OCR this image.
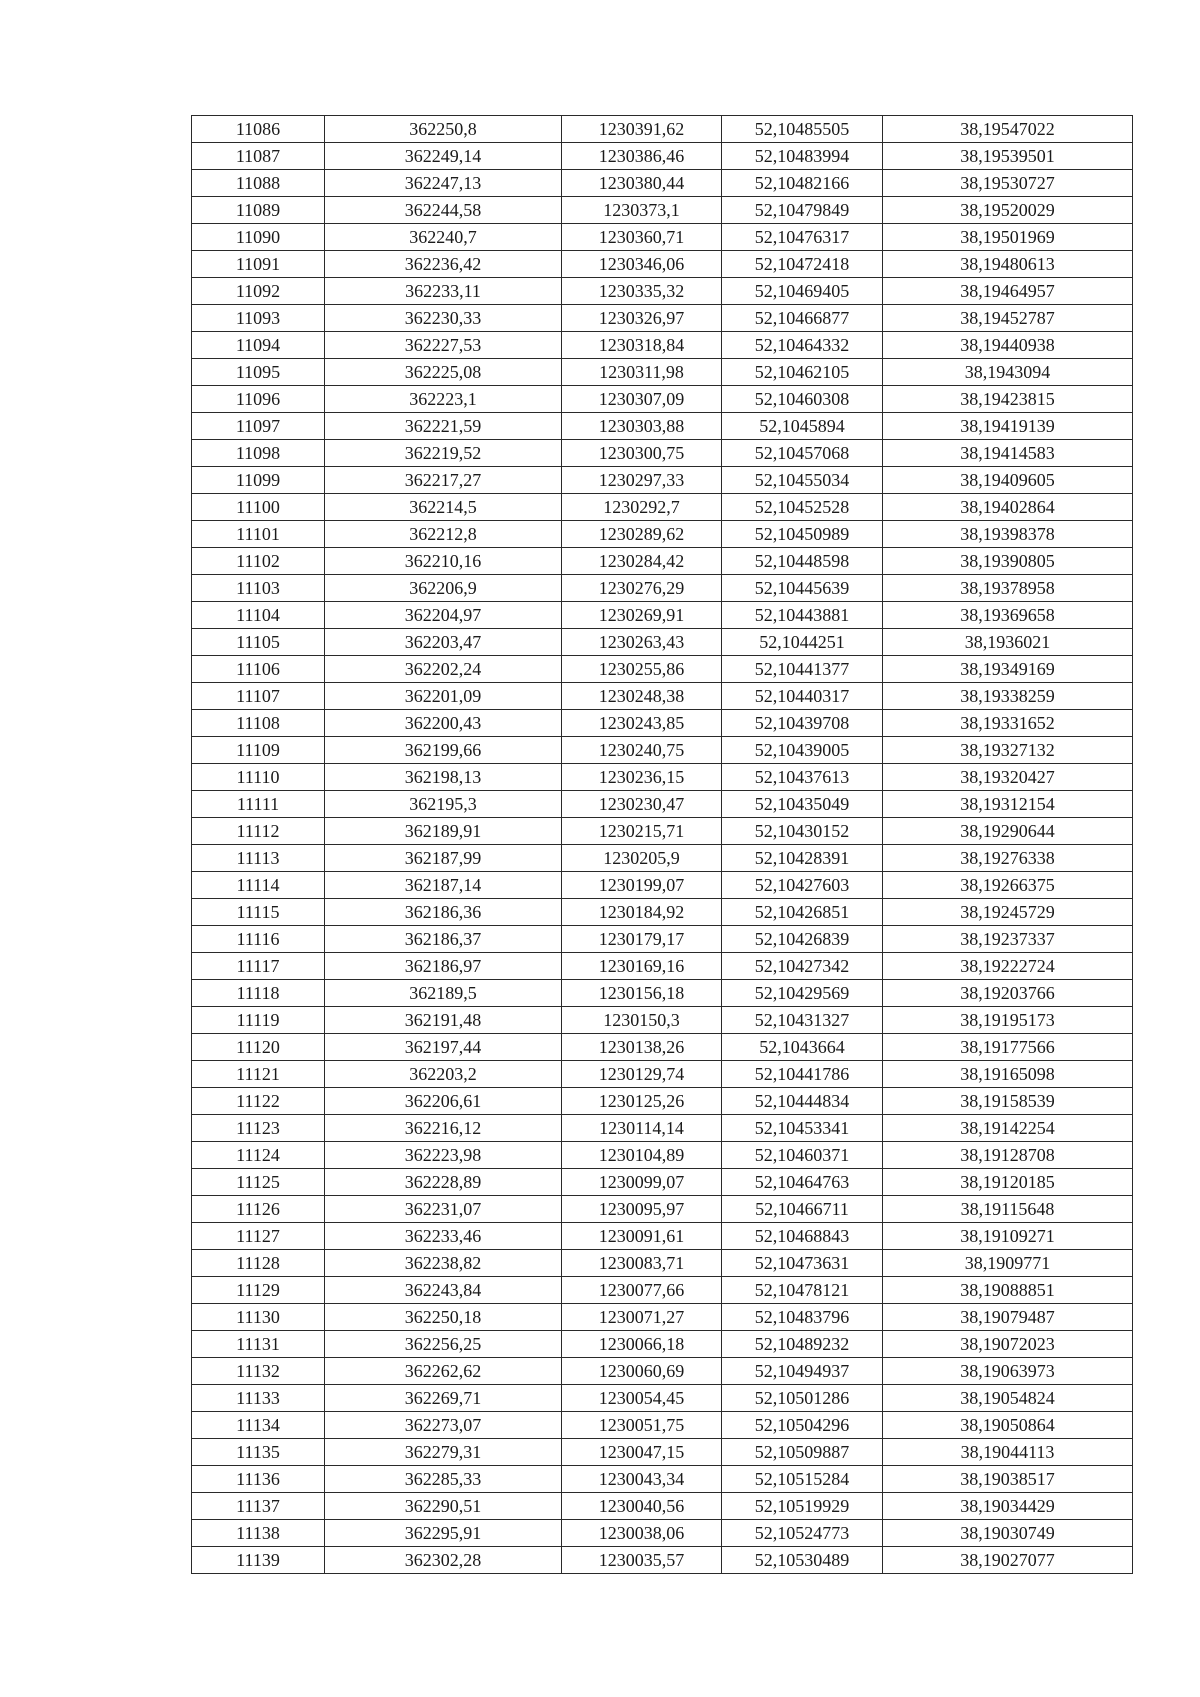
11086	362250,8	1230391,62	52,10485505	38,19547022
11087	362249,14	1230386,46	52,10483994	38,19539501
11088	362247,13	1230380,44	52,10482166	38,19530727
11089	362244,58	1230373,1	52,10479849	38,19520029
11090	362240,7	1230360,71	52,10476317	38,19501969
11091	362236,42	1230346,06	52,10472418	38,19480613
11092	362233,11	1230335,32	52,10469405	38,19464957
11093	362230,33	1230326,97	52,10466877	38,19452787
11094	362227,53	1230318,84	52,10464332	38,19440938
11095	362225,08	1230311,98	52,10462105	38,1943094
11096	362223,1	1230307,09	52,10460308	38,19423815
11097	362221,59	1230303,88	52,1045894	38,19419139
11098	362219,52	1230300,75	52,10457068	38,19414583
11099	362217,27	1230297,33	52,10455034	38,19409605
11100	362214,5	1230292,7	52,10452528	38,19402864
11101	362212,8	1230289,62	52,10450989	38,19398378
11102	362210,16	1230284,42	52,10448598	38,19390805
11103	362206,9	1230276,29	52,10445639	38,19378958
11104	362204,97	1230269,91	52,10443881	38,19369658
11105	362203,47	1230263,43	52,1044251	38,1936021
11106	362202,24	1230255,86	52,10441377	38,19349169
11107	362201,09	1230248,38	52,10440317	38,19338259
11108	362200,43	1230243,85	52,10439708	38,19331652
11109	362199,66	1230240,75	52,10439005	38,19327132
11110	362198,13	1230236,15	52,10437613	38,19320427
11111	362195,3	1230230,47	52,10435049	38,19312154
11112	362189,91	1230215,71	52,10430152	38,19290644
11113	362187,99	1230205,9	52,10428391	38,19276338
11114	362187,14	1230199,07	52,10427603	38,19266375
11115	362186,36	1230184,92	52,10426851	38,19245729
11116	362186,37	1230179,17	52,10426839	38,19237337
11117	362186,97	1230169,16	52,10427342	38,19222724
11118	362189,5	1230156,18	52,10429569	38,19203766
11119	362191,48	1230150,3	52,10431327	38,19195173
11120	362197,44	1230138,26	52,1043664	38,19177566
11121	362203,2	1230129,74	52,10441786	38,19165098
11122	362206,61	1230125,26	52,10444834	38,19158539
11123	362216,12	1230114,14	52,10453341	38,19142254
11124	362223,98	1230104,89	52,10460371	38,19128708
11125	362228,89	1230099,07	52,10464763	38,19120185
11126	362231,07	1230095,97	52,10466711	38,19115648
11127	362233,46	1230091,61	52,10468843	38,19109271
11128	362238,82	1230083,71	52,10473631	38,1909771
11129	362243,84	1230077,66	52,10478121	38,19088851
11130	362250,18	1230071,27	52,10483796	38,19079487
11131	362256,25	1230066,18	52,10489232	38,19072023
11132	362262,62	1230060,69	52,10494937	38,19063973
11133	362269,71	1230054,45	52,10501286	38,19054824
11134	362273,07	1230051,75	52,10504296	38,19050864
11135	362279,31	1230047,15	52,10509887	38,19044113
11136	362285,33	1230043,34	52,10515284	38,19038517
11137	362290,51	1230040,56	52,10519929	38,19034429
11138	362295,91	1230038,06	52,10524773	38,19030749
11139	362302,28	1230035,57	52,10530489	38,19027077
